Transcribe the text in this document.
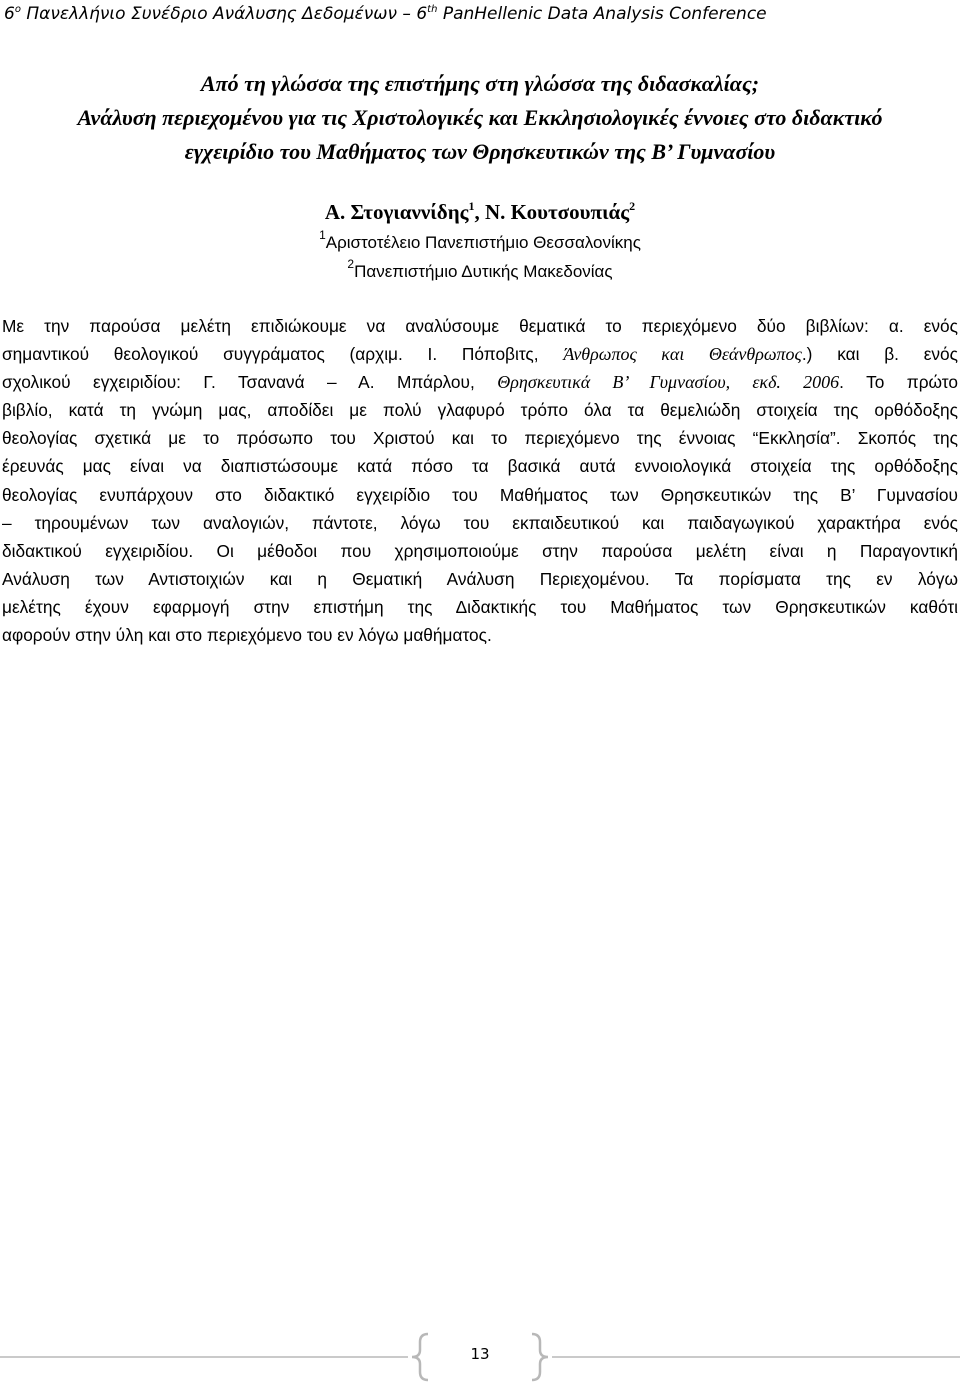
$6^o$ Πανελλήνιο Συνέδριο Ανάλυσης Δεδομένων – 6th PanHellenic Data Analysis Conference
Από τη γλώσσα της επιστήμης στη γλώσσα της διδασκαλίας;
Ανάλυση περιεχομένου για τις Χριστολογικές και Εκκλησιολογικές έννοιες στο διδακτικό
εγχειρίδιο του Μαθήματος των Θρησκευτικών της Β’ Γυμνασίου
Α. Στογιαννίδης$^1$, Ν. Κουτσουπιάς$^2$
$^1$Αριστοτέλειο Πανεπιστήμιο Θεσσαλονίκης
$^2$Πανεπιστήμιο Δυτικής Μακεδονίας
Με την παρούσα μελέτη επιδιώκουμε να αναλύσουμε θεματικά το περιεχόμενο δύο βιβλίων: α. ενός
σημαντικού θεολογικού συγγράματος (αρχιμ. Ι. Πόποβιτς, Άνθρωπος και Θεάνθρωπος.) και β. ενός
σχολικού εγχειριδίου: Γ. Τσανανά – Α. Μπάρλου, Θρησκευτικά Β’ Γυμνασίου, εκδ. 2006. Το πρώτο
βιβλίο, κατά τη γνώμη μας, αποδίδει με πολύ γλαφυρό τρόπο όλα τα θεμελιώδη στοιχεία της ορθόδοξης
θεολογίας σχετικά με το πρόσωπο του Χριστού και το περιεχόμενο της έννοιας “Εκκλησία”. Σκοπός της
έρευνάς μας είναι να διαπιστώσουμε κατά πόσο τα βασικά αυτά εννοιολογικά στοιχεία της ορθόδοξης
θεολογίας ενυπάρχουν στο διδακτικό εγχειρίδιο του Μαθήματος των Θρησκευτικών της Β’ Γυμνασίου
– τηρουμένων των αναλογιών, πάντοτε, λόγω του εκπαιδευτικού και παιδαγωγικού χαρακτήρα ενός
διδακτικού εγχειριδίου. Οι μέθοδοι που χρησιμοποιούμε στην παρούσα μελέτη είναι η Παραγοντική
Ανάλυση των Αντιστοιχιών και η Θεματική Ανάλυση Περιεχομένου. Τα πορίσματα της εν λόγω
μελέτης έχουν εφαρμογή στην επιστήμη της Διδακτικής του Μαθήματος των Θρησκευτικών καθότι
αφορούν στην ύλη και στο περιεχόμενο του εν λόγω μαθήματος.
13
